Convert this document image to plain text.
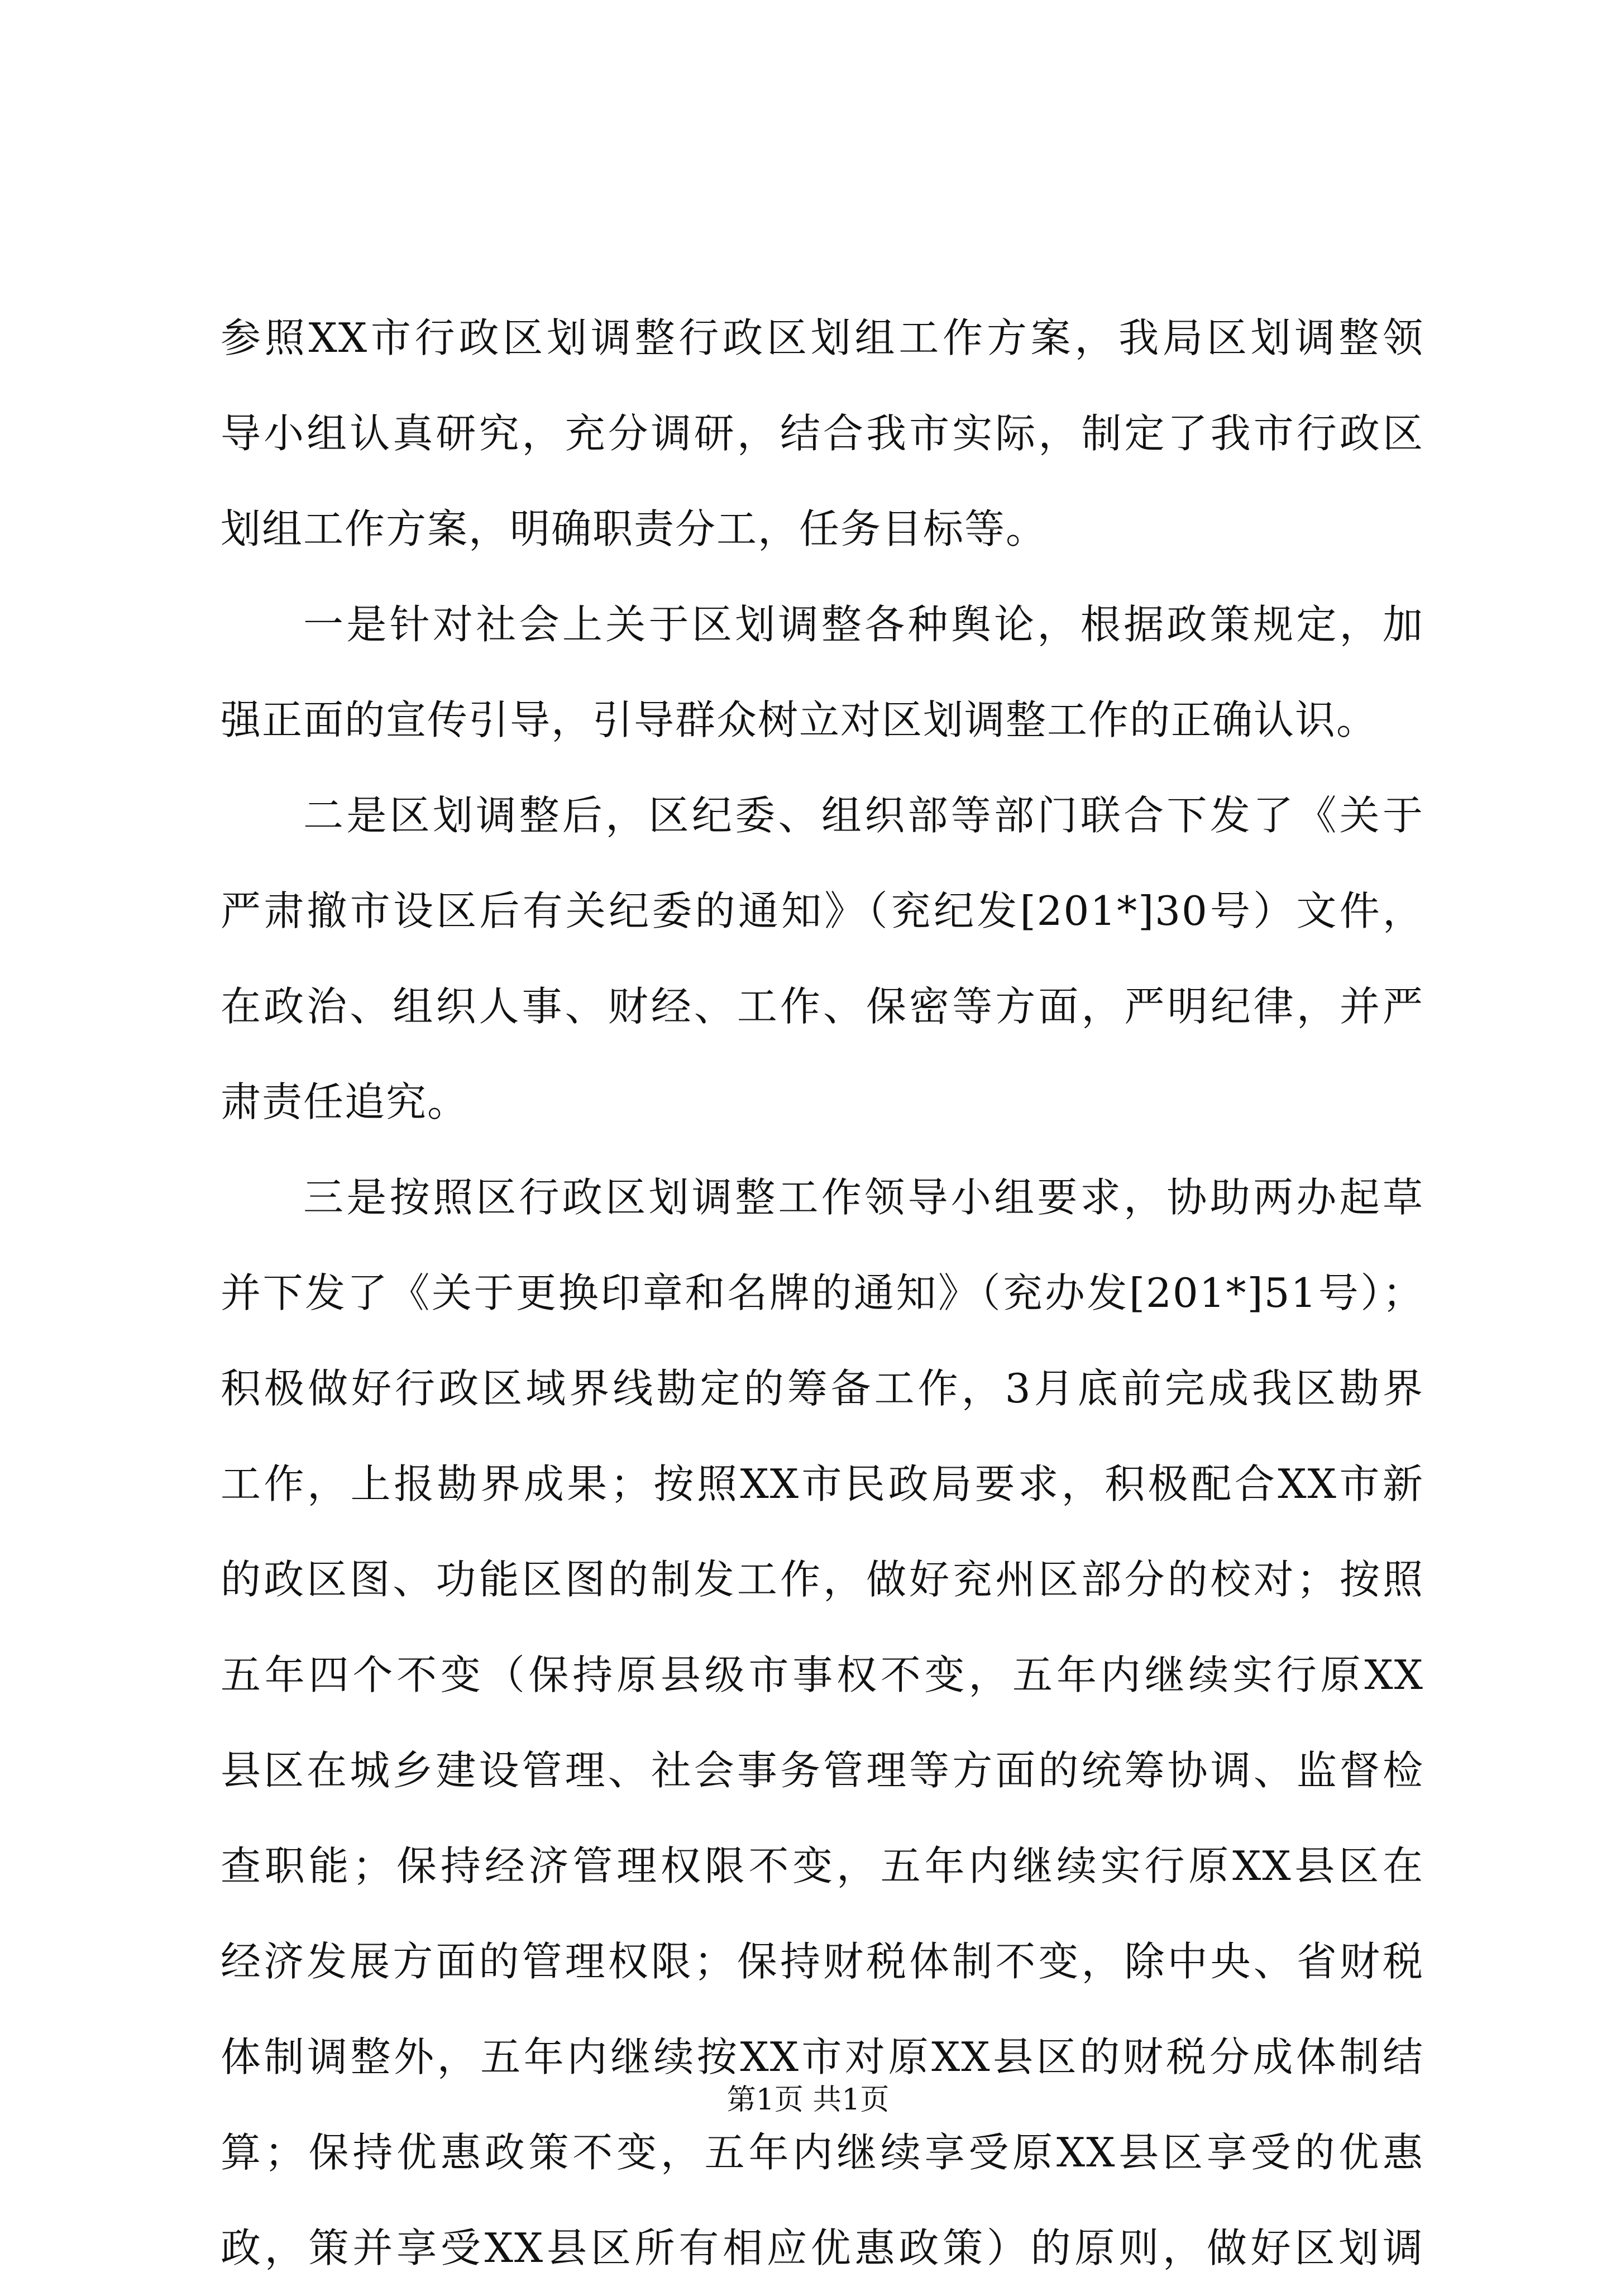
参照XX市行政区划调整行政区划组工作方案，我局区划调整领
导小组认真研究，充分调研，结合我市实际，制定了我市行政区
划组工作方案，明确职责分工，任务目标等。
一是针对社会上关于区划调整各种舆论，根据政策规定，加
强正面的宣传引导，引导群众树立对区划调整工作的正确认识。
二是区划调整后，区纪委、组织部等部门联合下发了《关于
严肃撤市设区后有关纪委的通知》（兖纪发[201*]30号）文件，
在政治、组织人事、财经、工作、保密等方面，严明纪律，并严
肃责任追究。
三是按照区行政区划调整工作领导小组要求，协助两办起草
并下发了《关于更换印章和名牌的通知》（兖办发[201*]51号）；
积极做好行政区域界线勘定的筹备工作，3月底前完成我区勘界
工作，上报勘界成果；按照XX市民政局要求，积极配合XX市新
的政区图、功能区图的制发工作，做好兖州区部分的校对；按照
五年四个不变（保持原县级市事权不变，五年内继续实行原XX
县区在城乡建设管理、社会事务管理等方面的统筹协调、监督检
查职能；保持经济管理权限不变，五年内继续实行原XX县区在
经济发展方面的管理权限；保持财税体制不变，除中央、省财税
体制调整外，五年内继续按XX市对原XX县区的财税分成体制结
算；保持优惠政策不变，五年内继续享受原XX县区享受的优惠
政，策并享受XX县区所有相应优惠政策）的原则，做好区划调
第1页 共1页
